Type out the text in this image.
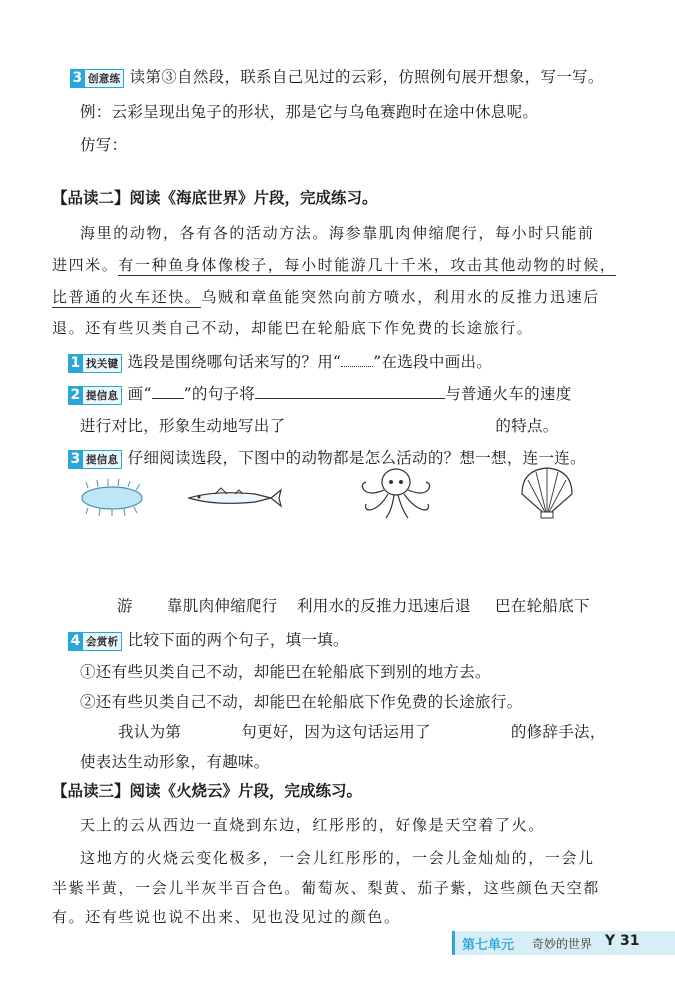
3 创意练 读第③自然段，联系自己见过的云彩，仿照例句展开想象，写一写。
例：云彩呈现出兔子的形状，那是它与乌龟赛跑时在途中休息呢。
仿写：
【品读二】阅读《海底世界》片段，完成练习。
海里的动物，各有各的活动方法。海参靠肌肉伸缩爬行，每小时只能前
进四米。有一种鱼身体像梭子，每小时能游几十千米，攻击其他动物的时候，
比普通的火车还快。乌贼和章鱼能突然向前方喷水，利用水的反推力迅速后
退。还有些贝类自己不动，却能巴在轮船底下作免费的长途旅行。
1 找关键 选段是围绕哪句话来写的？用“ ”在选段中画出。
2 提信息 画“ ”的句子将	与普通火车的速度
进行对比，形象生动地写出了	的特点。
3 提信息 仔细阅读选段，下图中的动物都是怎么活动的？想一想，连一连。
游 靠肌肉伸缩爬行 利用水的反推力迅速后退 巴在轮船底下
4 会赏析 比较下面的两个句子，填一填。
①还有些贝类自己不动，却能巴在轮船底下到别的地方去。
②还有些贝类自己不动，却能巴在轮船底下作免费的长途旅行。
我认为第	句更好，因为这句话运用了	的修辞手法，
使表达生动形象，有趣味。
【品读三】阅读《火烧云》片段，完成练习。
天上的云从西边一直烧到东边，红彤彤的，好像是天空着了火。
这地方的火烧云变化极多，一会儿红彤彤的，一会儿金灿灿的，一会儿
半紫半黄，一会儿半灰半百合色。葡萄灰、梨黄、茄子紫，这些颜色天空都
有。还有些说也说不出来、见也没见过的颜色。
第七单元 奇妙的世界 Y 31
